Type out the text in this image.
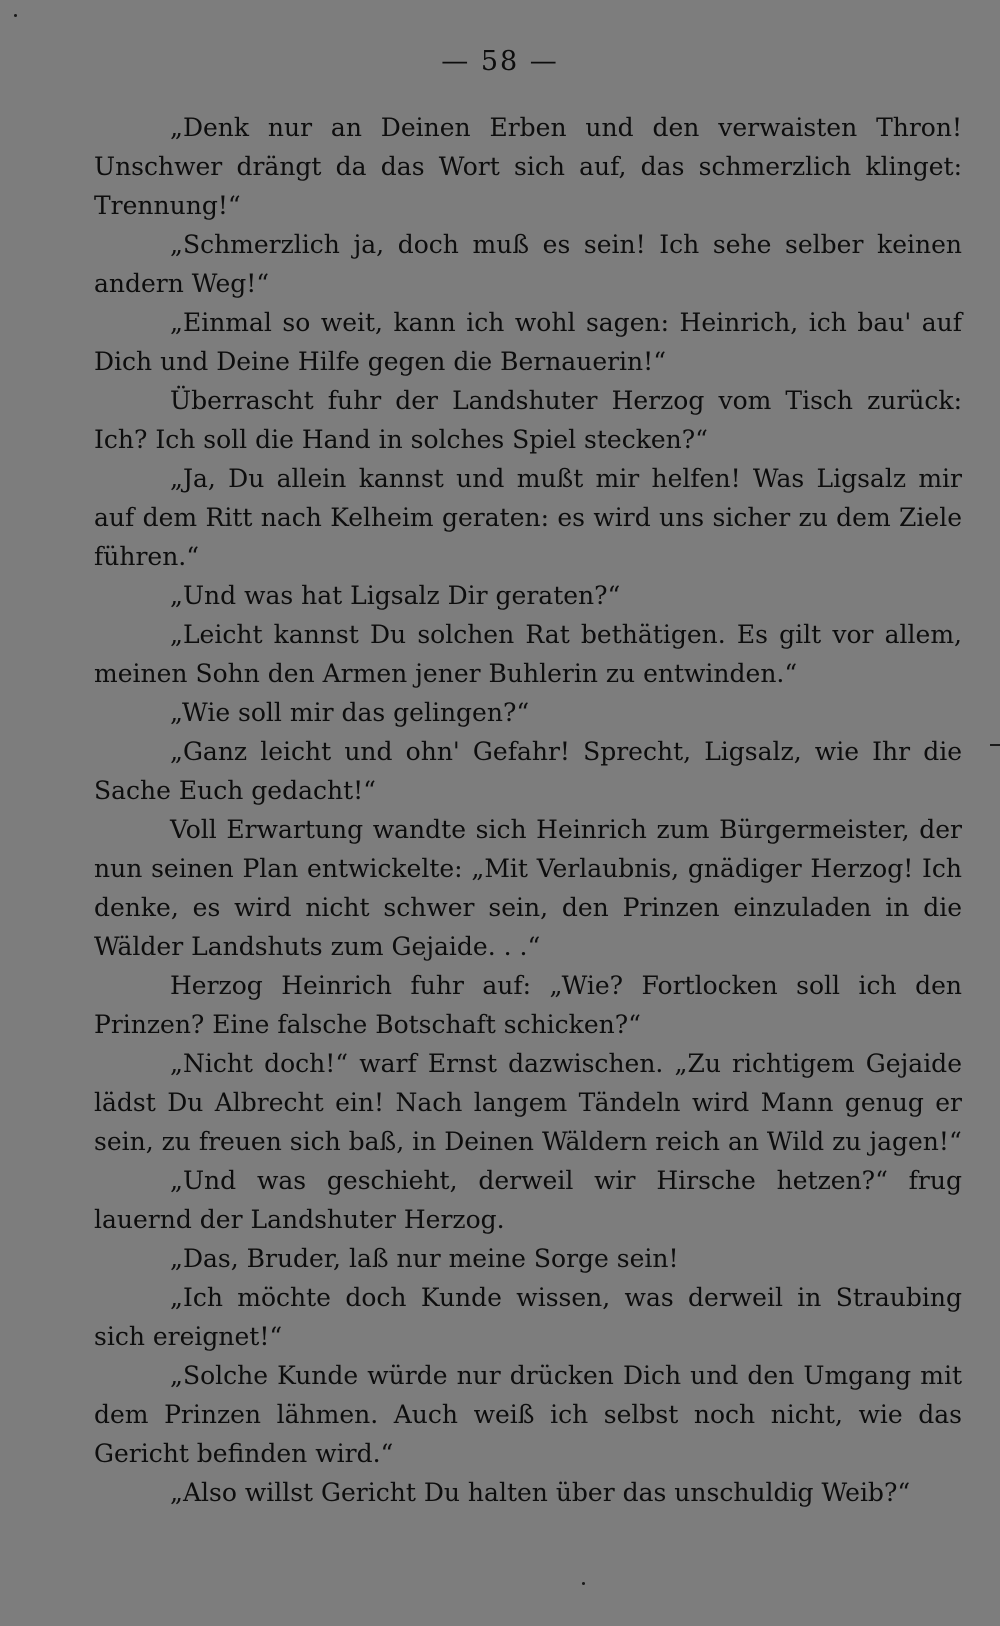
— 58 —

„Denk nur an Deinen Erben und den verwaisten Thron! Unschwer drängt da das Wort sich auf, das schmerzlich klinget: Trennung!“

„Schmerzlich ja, doch muß es sein! Ich sehe selber keinen andern Weg!“

„Einmal so weit, kann ich wohl sagen: Heinrich, ich bau' auf Dich und Deine Hilfe gegen die Bernauerin!“

Überrascht fuhr der Landshuter Herzog vom Tisch zurück: Ich? Ich soll die Hand in solches Spiel stecken?“

„Ja, Du allein kannst und mußt mir helfen! Was Ligsalz mir auf dem Ritt nach Kelheim geraten: es wird uns sicher zu dem Ziele führen.“

„Und was hat Ligsalz Dir geraten?“

„Leicht kannst Du solchen Rat bethätigen. Es gilt vor allem, meinen Sohn den Armen jener Buhlerin zu entwinden.“

„Wie soll mir das gelingen?“

„Ganz leicht und ohn' Gefahr! Sprecht, Ligsalz, wie Ihr die Sache Euch gedacht!“

Voll Erwartung wandte sich Heinrich zum Bürgermeister, der nun seinen Plan entwickelte: „Mit Verlaubnis, gnädiger Herzog! Ich denke, es wird nicht schwer sein, den Prinzen einzuladen in die Wälder Landshuts zum Gejaide. . .“

Herzog Heinrich fuhr auf: „Wie? Fortlocken soll ich den Prinzen? Eine falsche Botschaft schicken?“

„Nicht doch!“ warf Ernst dazwischen. „Zu richtigem Gejaide lädst Du Albrecht ein! Nach langem Tändeln wird Mann genug er sein, zu freuen sich baß, in Deinen Wäldern reich an Wild zu jagen!“

„Und was geschieht, derweil wir Hirsche hetzen?“ frug lauernd der Landshuter Herzog.

„Das, Bruder, laß nur meine Sorge sein!

„Ich möchte doch Kunde wissen, was derweil in Straubing sich ereignet!“

„Solche Kunde würde nur drücken Dich und den Umgang mit dem Prinzen lähmen. Auch weiß ich selbst noch nicht, wie das Gericht befinden wird.“

„Also willst Gericht Du halten über das unschuldig Weib?“
